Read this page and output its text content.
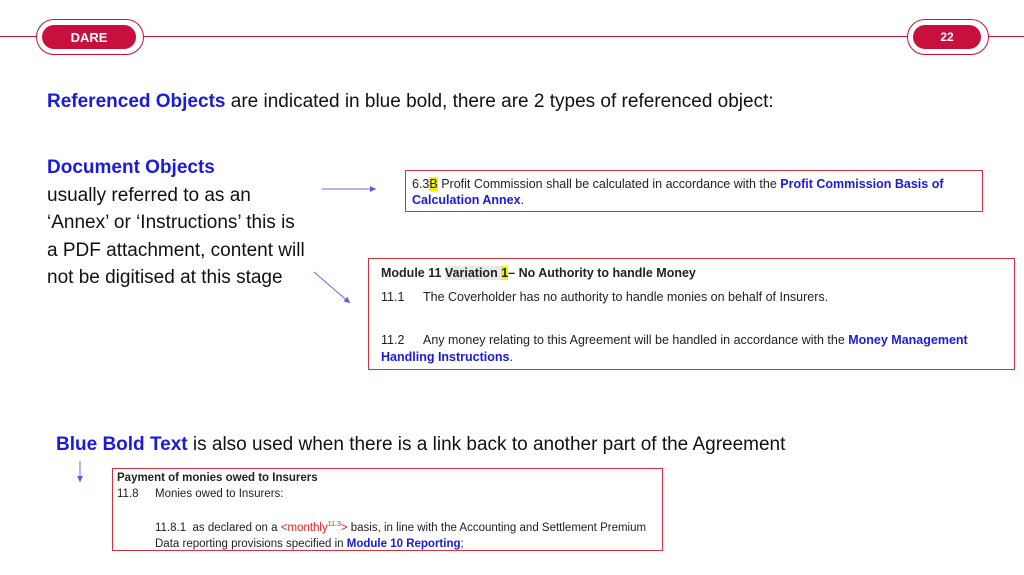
DARE	22
Referenced Objects are indicated in blue bold, there are 2 types of referenced object:
Document Objects
usually referred to as an
‘Annex’ or ‘Instructions’ this is
a PDF attachment, content will
not be digitised at this stage
6.3B Profit Commission shall be calculated in accordance with the Profit Commission Basis of
Calculation Annex.
Module 11 Variation 1– No Authority to handle Money
11.1 The Coverholder has no authority to handle monies on behalf of Insurers.
11.2 Any money relating to this Agreement will be handled in accordance with the Money Management
Handling Instructions.
Blue Bold Text is also used when there is a link back to another part of the Agreement
Payment of monies owed to Insurers
11.8 Monies owed to Insurers:
11.8.1 as declared on a <monthly$^{11.3}$> basis, in line with the Accounting and Settlement Premium
Data reporting provisions specified in Module 10 Reporting;
